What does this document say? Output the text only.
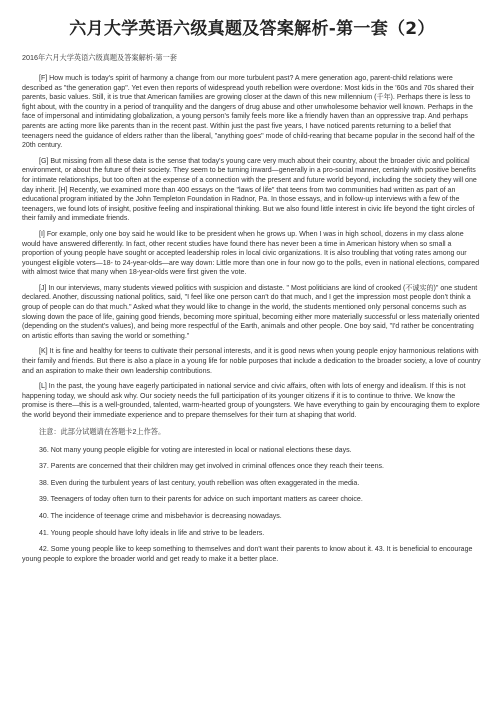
六月大学英语六级真题及答案解析-第一套（2）
2016年六月大学英语六级真题及答案解析-第一套

[F] How much is today's spirit of harmony a change from our more turbulent past? A mere generation ago, parent-child relations were described as "the generation gap". Yet even then reports of widespread youth rebellion were overdone: Most kids in the '60s and 70s shared their parents, basic values. Still, it is true that American families are growing closer at the dawn of this new millennium (千年). Perhaps there is less to fight about, with the country in a period of tranquility and the dangers of drug abuse and other unwholesome behavior well known. Perhaps in the face of impersonal and intimidating globalization, a young person's family feels more like a friendly haven than an oppressive trap. And perhaps parents are acting more like parents than in the recent past. Within just the past five years, I have noticed parents returning to a belief that teenagers need the guidance of elders rather than the liberal, "anything goes" mode of child-rearing that became popular in the second half of the 20th century.

[G] But missing from all these data is the sense that today's young care very much about their country, about the broader civic and political environment, or about the future of their society. They seem to be turning inward—generally in a pro-social manner, certainly with positive benefits for intimate relationships, but too often at the expense of a connection with the present and future world beyond, including the society they will one day inherit. [H] Recently, we examined more than 400 essays on the "laws of life" that teens from two communities had written as part of an educational program initiated by the John Templeton Foundation in Radnor, Pa. In those essays, and in follow-up interviews with a few of the teenagers, we found lots of insight, positive feeling and inspirational thinking. But we also found little interest in civic life beyond the tight circles of their family and immediate friends.

[I] For example, only one boy said he would like to be president when he grows up. When I was in high school, dozens in my class alone would have answered differently. In fact, other recent studies have found there has never been a time in American history when so small a proportion of young people have sought or accepted leadership roles in local civic organizations. It is also troubling that voting rates among our youngest eligible voters—18- to 24-year-olds—are way down: Little more than one in four now go to the polls, even in national elections, compared with almost twice that many when 18-year-olds were first given the vote.

[J] In our interviews, many students viewed politics with suspicion and distaste. " Most politicians are kind of crooked (不诚实的)" one student declared. Another, discussing national politics, said, "I feel like one person can't do that much, and I get the impression most people don't think a group of people can do that much." Asked what they would like to change in the world, the students mentioned only personal concerns such as slowing down the pace of life, gaining good friends, becoming more spiritual, becoming either more materially successful or less materially oriented (depending on the student's values), and being more respectful of the Earth, animals and other people. One boy said, "I'd rather be concentrating on artistic efforts than saving the world or something."

[K] It is fine and healthy for teens to cultivate their personal interests, and it is good news when young people enjoy harmonious relations with their family and friends. But there is also a place in a young life for noble purposes that include a dedication to the broader society, a love of country and an aspiration to make their own leadership contributions.

[L] In the past, the young have eagerly participated in national service and civic affairs, often with lots of energy and idealism. If this is not happening today, we should ask why. Our society needs the full participation of its younger citizens if it is to continue to thrive. We know the promise is there—this is a well-grounded, talented, warm-hearted group of youngsters. We have everything to gain by encouraging them to explore the world beyond their immediate experience and to prepare themselves for their turn at shaping that world.

注意：此部分试题请在答题卡2上作答。

36. Not many young people eligible for voting are interested in local or national elections these days.

37. Parents are concerned that their children may get involved in criminal offences once they reach their teens.

38. Even during the turbulent years of last century, youth rebellion was often exaggerated in the media.

39. Teenagers of today often turn to their parents for advice on such important matters as career choice.

40. The incidence of teenage crime and misbehavior is decreasing nowadays.

41. Young people should have lofty ideals in life and strive to be leaders.

42. Some young people like to keep something to themselves and don't want their parents to know about it. 43. It is beneficial to encourage young people to explore the broader world and get ready to make it a better place.
